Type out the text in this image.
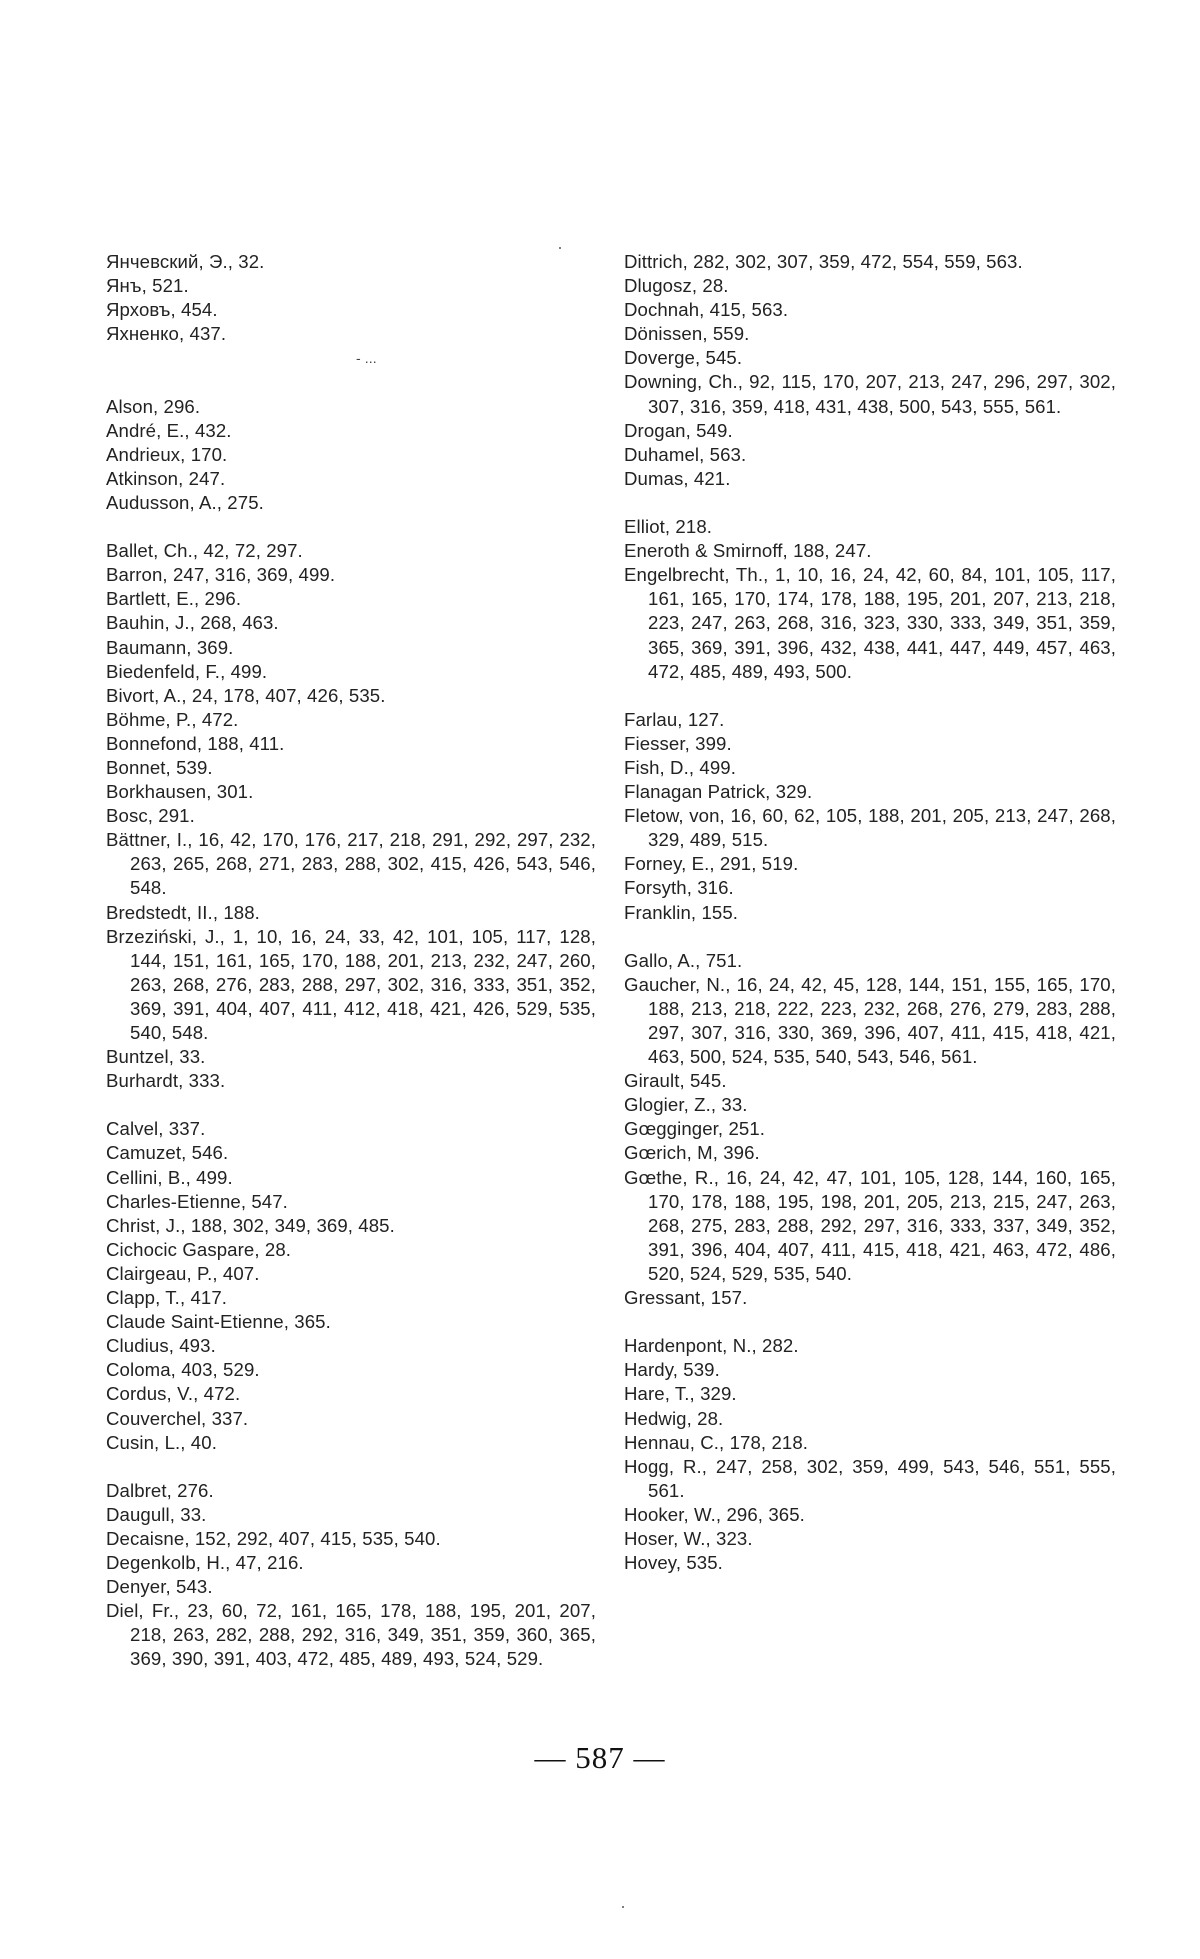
Янчевский, Э., 32.
Янъ, 521.
Ярховъ, 454.
Яхненко, 437.
- ...
Alson, 296.
André, E., 432.
Andrieux, 170.
Atkinson, 247.
Audusson, A., 275.
Ballet, Ch., 42, 72, 297.
Barron, 247, 316, 369, 499.
Bartlett, E., 296.
Bauhin, J., 268, 463.
Baumann, 369.
Biedenfeld, F., 499.
Bivort, A., 24, 178, 407, 426, 535.
Böhme, P., 472.
Bonnefond, 188, 411.
Bonnet, 539.
Borkhausen, 301.
Bosc, 291.
Bättner, I., 16, 42, 170, 176, 217, 218, 291, 292, 297, 232, 263, 265, 268, 271, 283, 288, 302, 415, 426, 543, 546, 548.
Bredstedt, II., 188.
Brzeziński, J., 1, 10, 16, 24, 33, 42, 101, 105, 117, 128, 144, 151, 161, 165, 170, 188, 201, 213, 232, 247, 260, 263, 268, 276, 283, 288, 297, 302, 316, 333, 351, 352, 369, 391, 404, 407, 411, 412, 418, 421, 426, 529, 535, 540, 548.
Buntzel, 33.
Burhardt, 333.
Calvel, 337.
Camuzet, 546.
Cellini, B., 499.
Charles-Etienne, 547.
Christ, J., 188, 302, 349, 369, 485.
Cichocic Gaspare, 28.
Clairgeau, P., 407.
Clapp, T., 417.
Claude Saint-Etienne, 365.
Cludius, 493.
Coloma, 403, 529.
Cordus, V., 472.
Couverchel, 337.
Cusin, L., 40.
Dalbret, 276.
Daugull, 33.
Decaisne, 152, 292, 407, 415, 535, 540.
Degenkolb, H., 47, 216.
Denyer, 543.
Diel, Fr., 23, 60, 72, 161, 165, 178, 188, 195, 201, 207, 218, 263, 282, 288, 292, 316, 349, 351, 359, 360, 365, 369, 390, 391, 403, 472, 485, 489, 493, 524, 529.
Dittrich, 282, 302, 307, 359, 472, 554, 559, 563.
Dlugosz, 28.
Dochnah, 415, 563.
Dönissen, 559.
Doverge, 545.
Downing, Ch., 92, 115, 170, 207, 213, 247, 296, 297, 302, 307, 316, 359, 418, 431, 438, 500, 543, 555, 561.
Drogan, 549.
Duhamel, 563.
Dumas, 421.
Elliot, 218.
Eneroth & Smirnoff, 188, 247.
Engelbrecht, Th., 1, 10, 16, 24, 42, 60, 84, 101, 105, 117, 161, 165, 170, 174, 178, 188, 195, 201, 207, 213, 218, 223, 247, 263, 268, 316, 323, 330, 333, 349, 351, 359, 365, 369, 391, 396, 432, 438, 441, 447, 449, 457, 463, 472, 485, 489, 493, 500.
Farlau, 127.
Fiesser, 399.
Fish, D., 499.
Flanagan Patrick, 329.
Fletow, von, 16, 60, 62, 105, 188, 201, 205, 213, 247, 268, 329, 489, 515.
Forney, E., 291, 519.
Forsyth, 316.
Franklin, 155.
Gallo, A., 751.
Gaucher, N., 16, 24, 42, 45, 128, 144, 151, 155, 165, 170, 188, 213, 218, 222, 223, 232, 268, 276, 279, 283, 288, 297, 307, 316, 330, 369, 396, 407, 411, 415, 418, 421, 463, 500, 524, 535, 540, 543, 546, 561.
Girault, 545.
Glogier, Z., 33.
Gœgginger, 251.
Gœrich, M, 396.
Gœthe, R., 16, 24, 42, 47, 101, 105, 128, 144, 160, 165, 170, 178, 188, 195, 198, 201, 205, 213, 215, 247, 263, 268, 275, 283, 288, 292, 297, 316, 333, 337, 349, 352, 391, 396, 404, 407, 411, 415, 418, 421, 463, 472, 486, 520, 524, 529, 535, 540.
Gressant, 157.
Hardenpont, N., 282.
Hardy, 539.
Hare, T., 329.
Hedwig, 28.
Hennau, C., 178, 218.
Hogg, R., 247, 258, 302, 359, 499, 543, 546, 551, 555, 561.
Hooker, W., 296, 365.
Hoser, W., 323.
Hovey, 535.
— 587 —
